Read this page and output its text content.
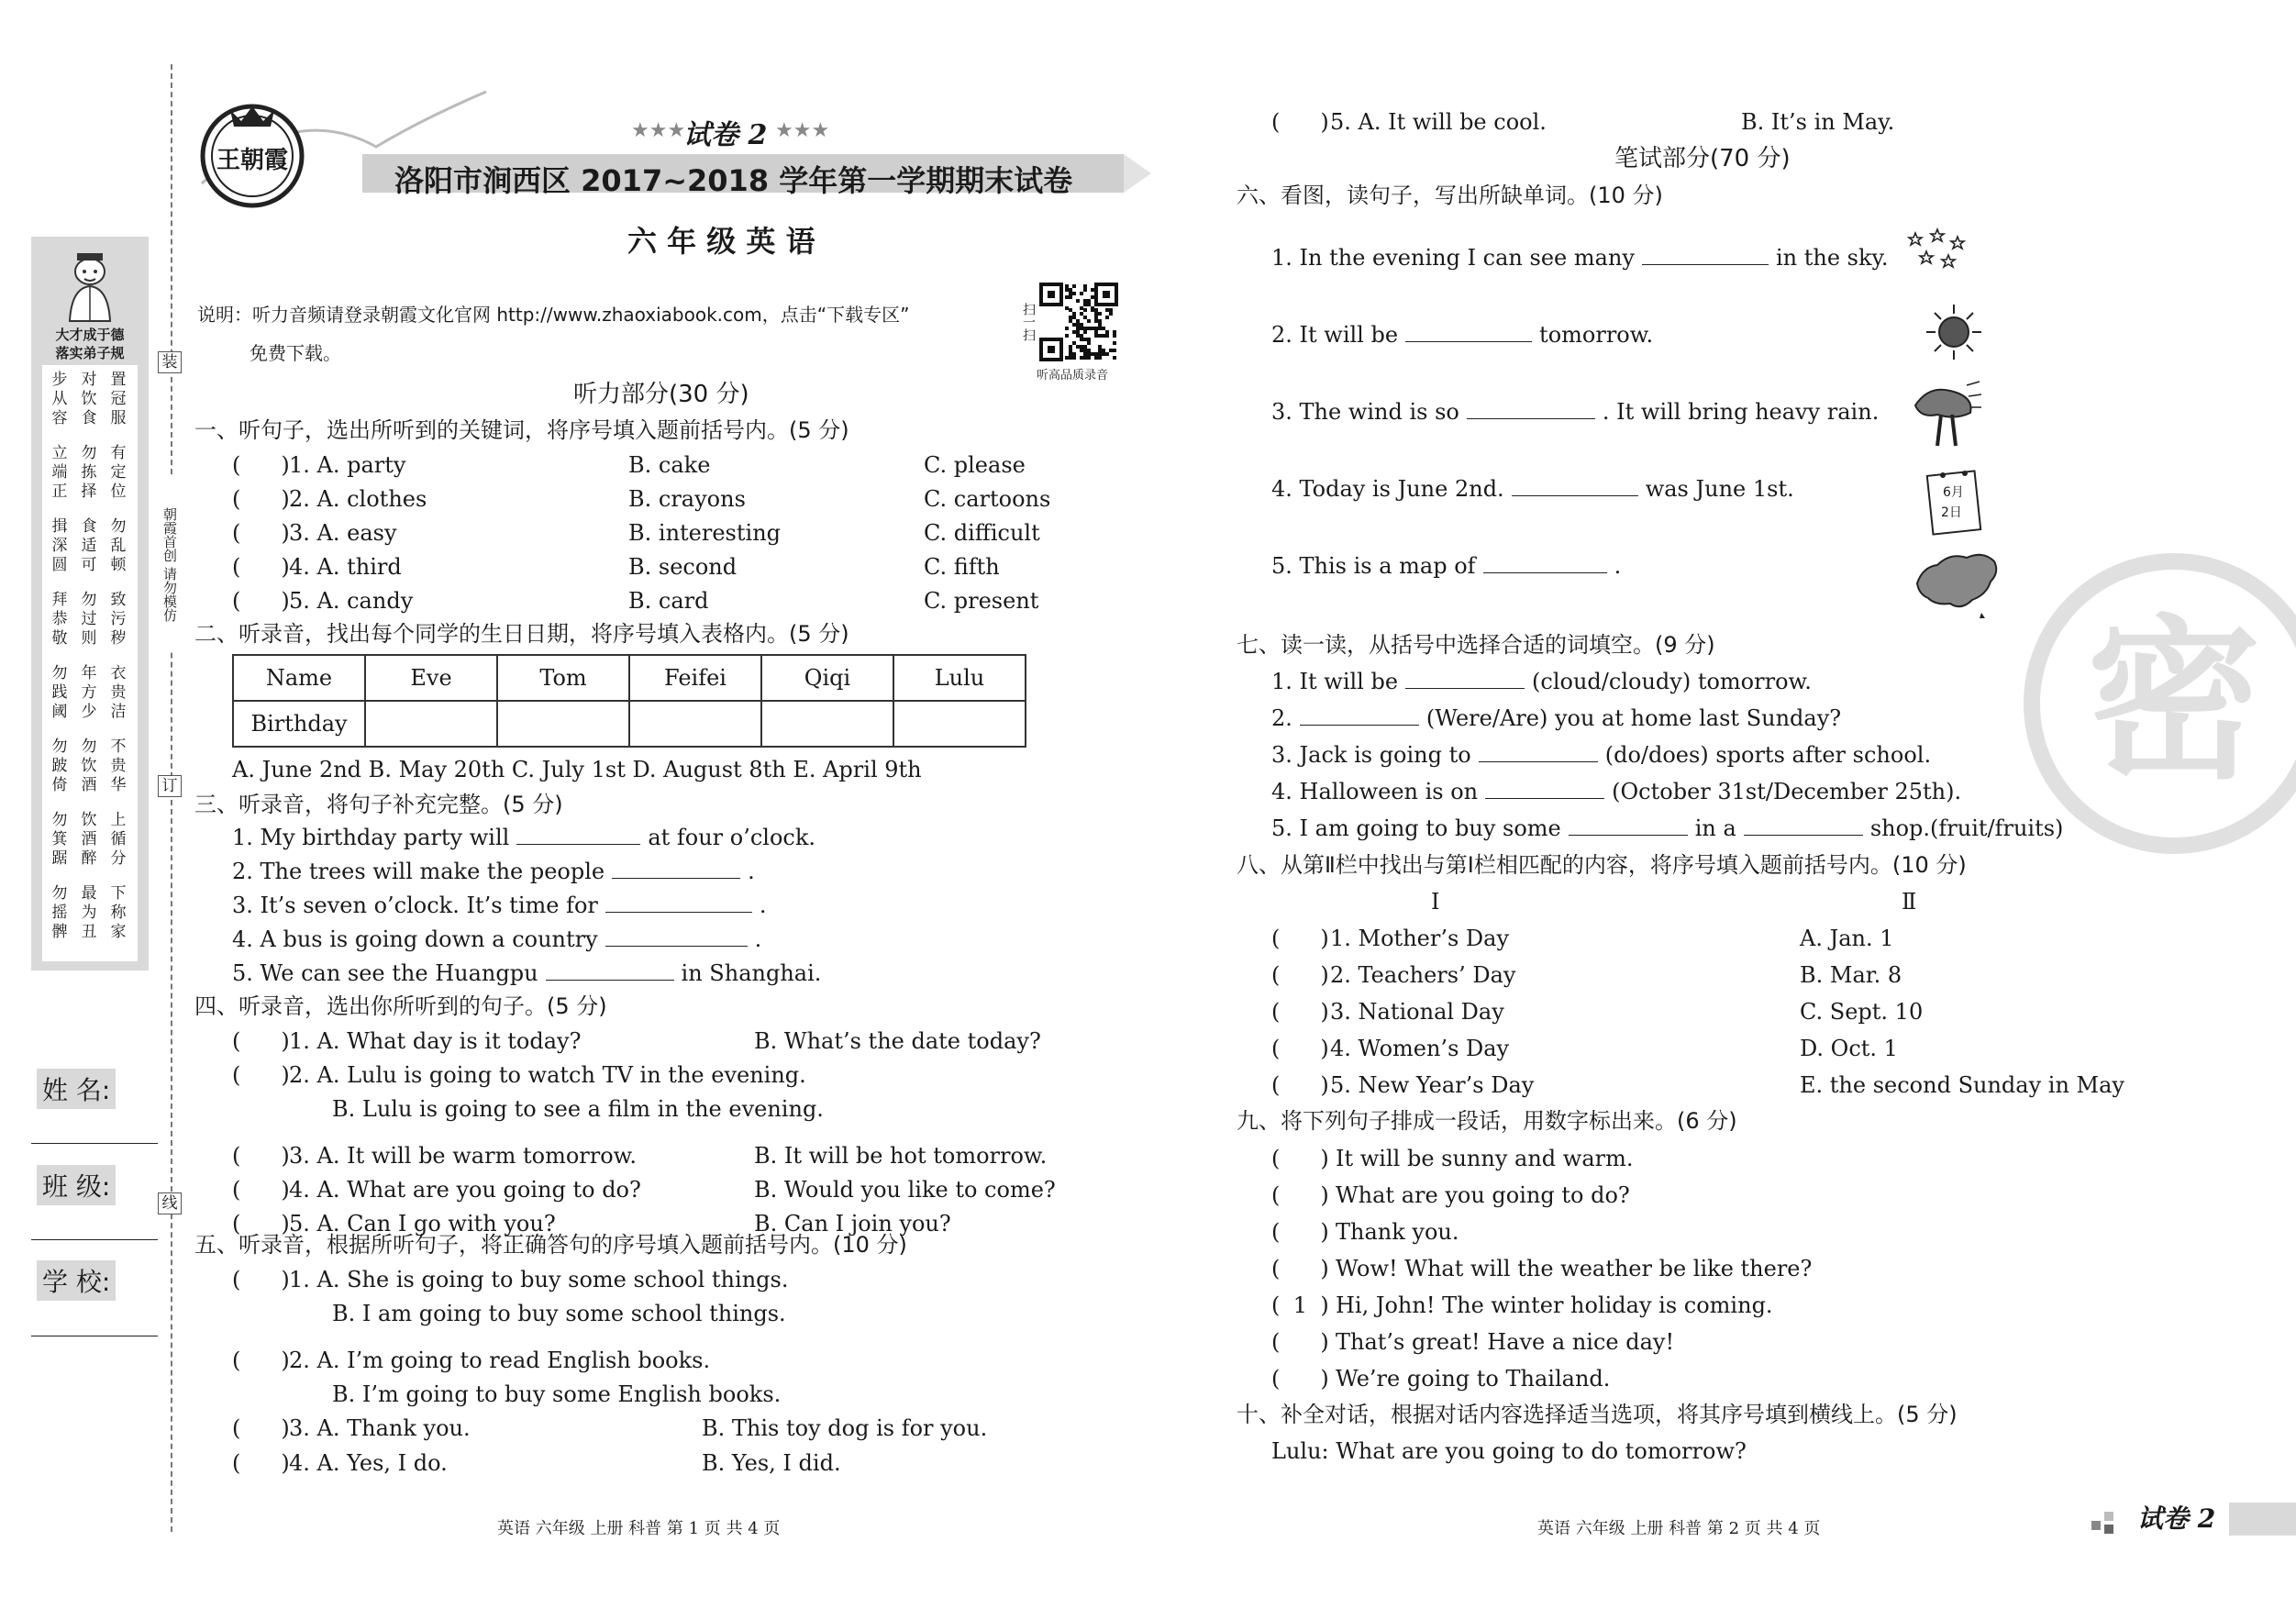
大才成于德
落实弟子规
步从容
对饮食
置冠服
立端正
勿拣择
有定位
揖深圆
食适可
勿乱顿
拜恭敬
勿过则
致污秽
勿践阈
年方少
衣贵洁
勿跛倚
勿饮酒
不贵华
勿箕踞
饮酒醉
上循分
勿摇髀
最为丑
下称家
姓 名:
班 级:
学 校:
装
朝霞首创 请勿模仿
订
线
王朝霞
★★★
试卷 2 ★★★
洛阳市涧西区 2017~2018 学年第一学期期末试卷
六 年 级 英 语
说明：听力音频请登录朝霞文化官网 http://www.zhaoxiabook.com，点击“下载专区”
免费下载。
扫一扫
听高品质录音
听力部分(30 分)
一、听句子，选出所听到的关键词，将序号填入题前括号内。(5 分)
( ) 1. A. party	B. cake	C. please
( ) 2. A. clothes	B. crayons	C. cartoons
( ) 3. A. easy	B. interesting	C. difficult
( ) 4. A. third	B. second	C. fifth
( ) 5. A. candy	B. card	C. present
二、听录音，找出每个同学的生日日期，将序号填入表格内。(5 分)
Name	Eve	Tom	Feifei	Qiqi	Lulu
Birthday					
A. June 2nd B. May 20th C. July 1st D. August 8th E. April 9th
三、听录音，将句子补充完整。(5 分)
1. My birthday party will	at four o’clock.
2. The trees will make the people	.
3. It’s seven o’clock. It’s time for	.
4. A bus is going down a country	.
5. We can see the Huangpu	in Shanghai.
四、听录音，选出你所听到的句子。(5 分)
( ) 1. A. What day is it today?	B. What’s the date today?
( ) 2. A. Lulu is going to watch TV in the evening.
B. Lulu is going to see a film in the evening.
( ) 3. A. It will be warm tomorrow.	B. It will be hot tomorrow.
( ) 4. A. What are you going to do?	B. Would you like to come?
( ) 5. A. Can I go with you?	B. Can I join you?
五、听录音，根据所听句子，将正确答句的序号填入题前括号内。(10 分)
( ) 1. A. She is going to buy some school things.
B. I am going to buy some school things.
( ) 2. A. I’m going to read English books.
B. I’m going to buy some English books.
( ) 3. A. Thank you.	B. This toy dog is for you.
( ) 4. A. Yes, I do.	B. Yes, I did.
( ) 5. A. It will be cool.	B. It’s in May.
英语 六年级 上册 科普 第 1 页 共 4 页
笔试部分(70 分)
六、看图，读句子，写出所缺单词。(10 分)
1. In the evening I can see many	in the sky.
2. It will be	tomorrow.
3. The wind is so	. It will bring heavy rain.
4. Today is June 2nd.	was June 1st.
5. This is a map of	.
6月
2日
七、读一读，从括号中选择合适的词填空。(9 分)
1. It will be	(cloud/cloudy) tomorrow.
2.	(Were/Are) you at home last Sunday?
3. Jack is going to	(do/does) sports after school.
4. Halloween is on	(October 31st/December 25th).
5. I am going to buy some	in a	shop.(fruit/fruits)
八、从第Ⅱ栏中找出与第Ⅰ栏相匹配的内容，将序号填入题前括号内。(10 分)
Ⅰ	Ⅱ
( ) 1. Mother’s Day	A. Jan. 1
( ) 2. Teachers’ Day	B. Mar. 8
( ) 3. National Day	C. Sept. 10
( ) 4. Women’s Day	D. Oct. 1
( ) 5. New Year’s Day	E. the second Sunday in May
九、将下列句子排成一段话，用数字标出来。(6 分)
( ) It will be sunny and warm.
( ) What are you going to do?
( ) Thank you.
( ) Wow! What will the weather be like there?
( 1 ) Hi, John! The winter holiday is coming.
( ) That’s great! Have a nice day!
( ) We’re going to Thailand.
十、补全对话，根据对话内容选择适当选项，将其序号填到横线上。(5 分)
Lulu: What are you going to do tomorrow?
密
英语 六年级 上册 科普 第 2 页 共 4 页	试卷 2
